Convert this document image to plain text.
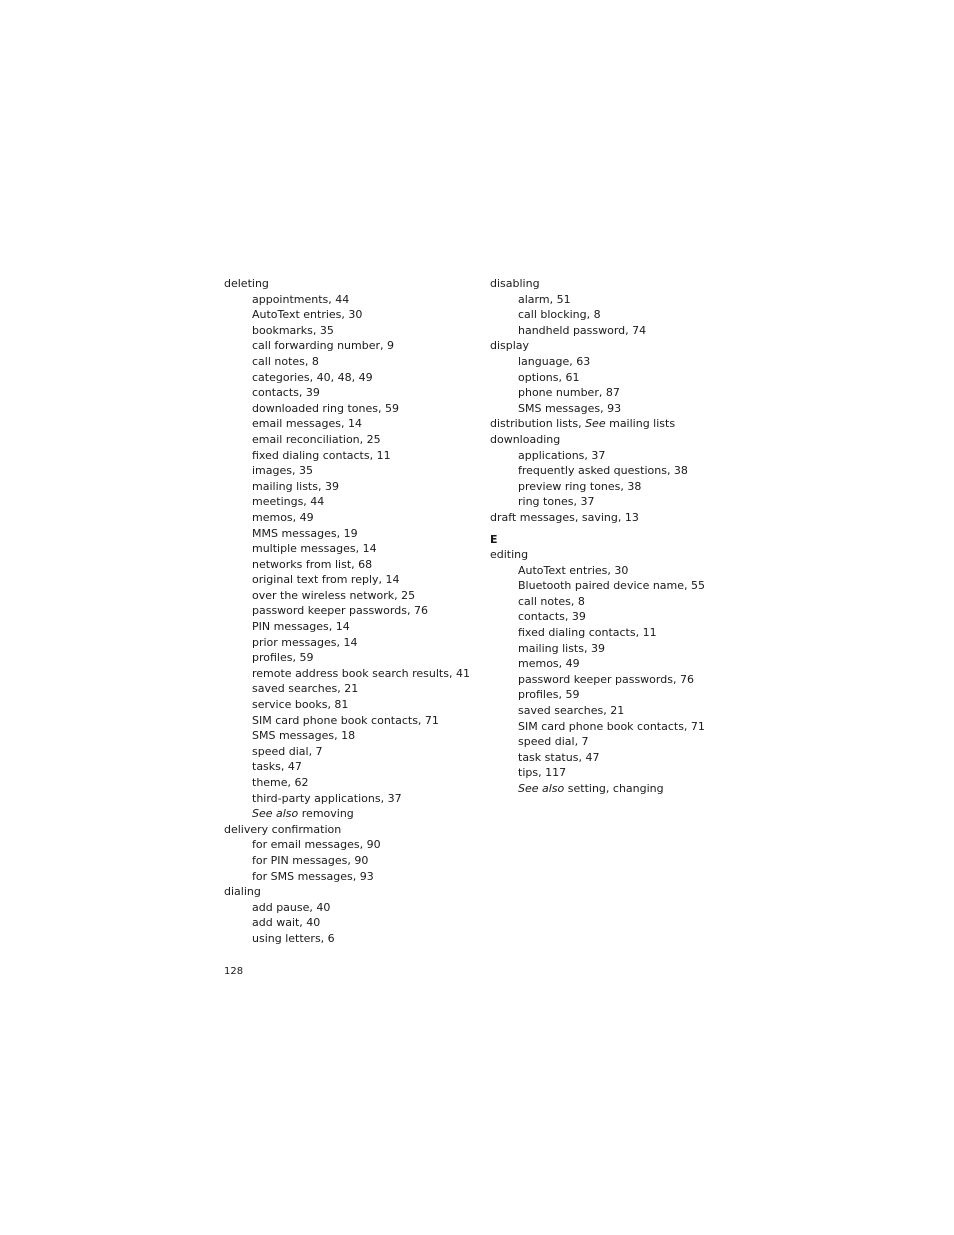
deleting
appointments, 44
AutoText entries, 30
bookmarks, 35
call forwarding number, 9
call notes, 8
categories, 40, 48, 49
contacts, 39
downloaded ring tones, 59
email messages, 14
email reconciliation, 25
fixed dialing contacts, 11
images, 35
mailing lists, 39
meetings, 44
memos, 49
MMS messages, 19
multiple messages, 14
networks from list, 68
original text from reply, 14
over the wireless network, 25
password keeper passwords, 76
PIN messages, 14
prior messages, 14
profiles, 59
remote address book search results, 41
saved searches, 21
service books, 81
SIM card phone book contacts, 71
SMS messages, 18
speed dial, 7
tasks, 47
theme, 62
third-party applications, 37
See also removing
delivery confirmation
for email messages, 90
for PIN messages, 90
for SMS messages, 93
dialing
add pause, 40
add wait, 40
using letters, 6
disabling
alarm, 51
call blocking, 8
handheld password, 74
display
language, 63
options, 61
phone number, 87
SMS messages, 93
distribution lists, See mailing lists
downloading
applications, 37
frequently asked questions, 38
preview ring tones, 38
ring tones, 37
draft messages, saving, 13
E
editing
AutoText entries, 30
Bluetooth paired device name, 55
call notes, 8
contacts, 39
fixed dialing contacts, 11
mailing lists, 39
memos, 49
password keeper passwords, 76
profiles, 59
saved searches, 21
SIM card phone book contacts, 71
speed dial, 7
task status, 47
tips, 117
See also setting, changing
128
